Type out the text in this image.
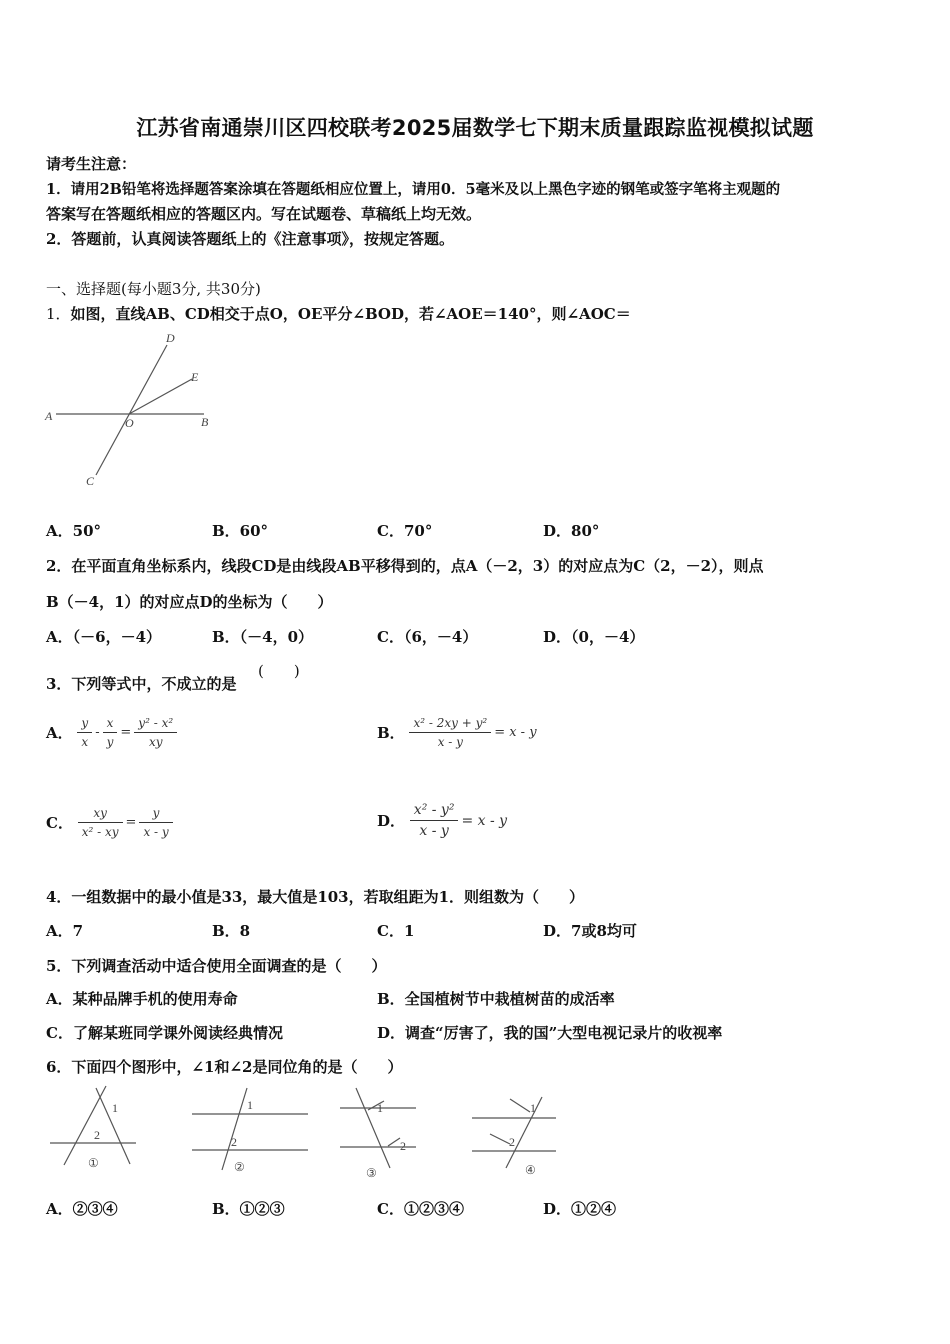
江苏省南通崇川区四校联考2025届数学七下期末质量跟踪监视模拟试题
请考生注意：
1．请用2B铅笔将选择题答案涂填在答题纸相应位置上，请用0．5毫米及以上黑色字迹的钢笔或签字笔将主观题的
答案写在答题纸相应的答题区内。写在试题卷、草稿纸上均无效。
2．答题前，认真阅读答题纸上的《注意事项》，按规定答题。
一、选择题(每小题3分, 共30分)
1．如图，直线AB、CD相交于点O，OE平分∠BOD，若∠AOE＝140°，则∠AOC＝
A	B
C
D
E
O
A．50°	B．60°	C．70°	D．80°
2．在平面直角坐标系内，线段CD是由线段AB平移得到的，点A（－2，3）的对应点为C（2，－2），则点
B（－4，1）的对应点D的坐标为（　　）
A．（－6，－4）	B．（－4，0）	C．（6，－4）	D．（0，－4）
3．下列等式中，不成立的是
(　　)
A． $\frac{y}{x} - \frac{x}{y} = \frac{\text{y² - x²}}{xy}$	B． $\frac{\text{x² - 2xy + y²}}{x - y} = x - y$
C． $\frac{xy}{\text{x² - xy}} = \frac{y}{x - y}$	D． $\frac{\text{x² - y²}}{x - y} = x - y$
4．一组数据中的最小值是33，最大值是103，若取组距为1．则组数为（　　）
A．7	B．8	C．1	D．7或8均可
5．下列调查活动中适合使用全面调查的是（　　）
A．某种品牌手机的使用寿命	B．全国植树节中栽植树苗的成活率
C．了解某班同学课外阅读经典情况	D．调查“厉害了，我的国”大型电视记录片的收视率
6．下面四个图形中，∠1和∠2是同位角的是（　　）
1
2
①
1
2
②
1
2
③
1
2
④
A．②③④	B．①②③	C．①②③④	D．①②④
